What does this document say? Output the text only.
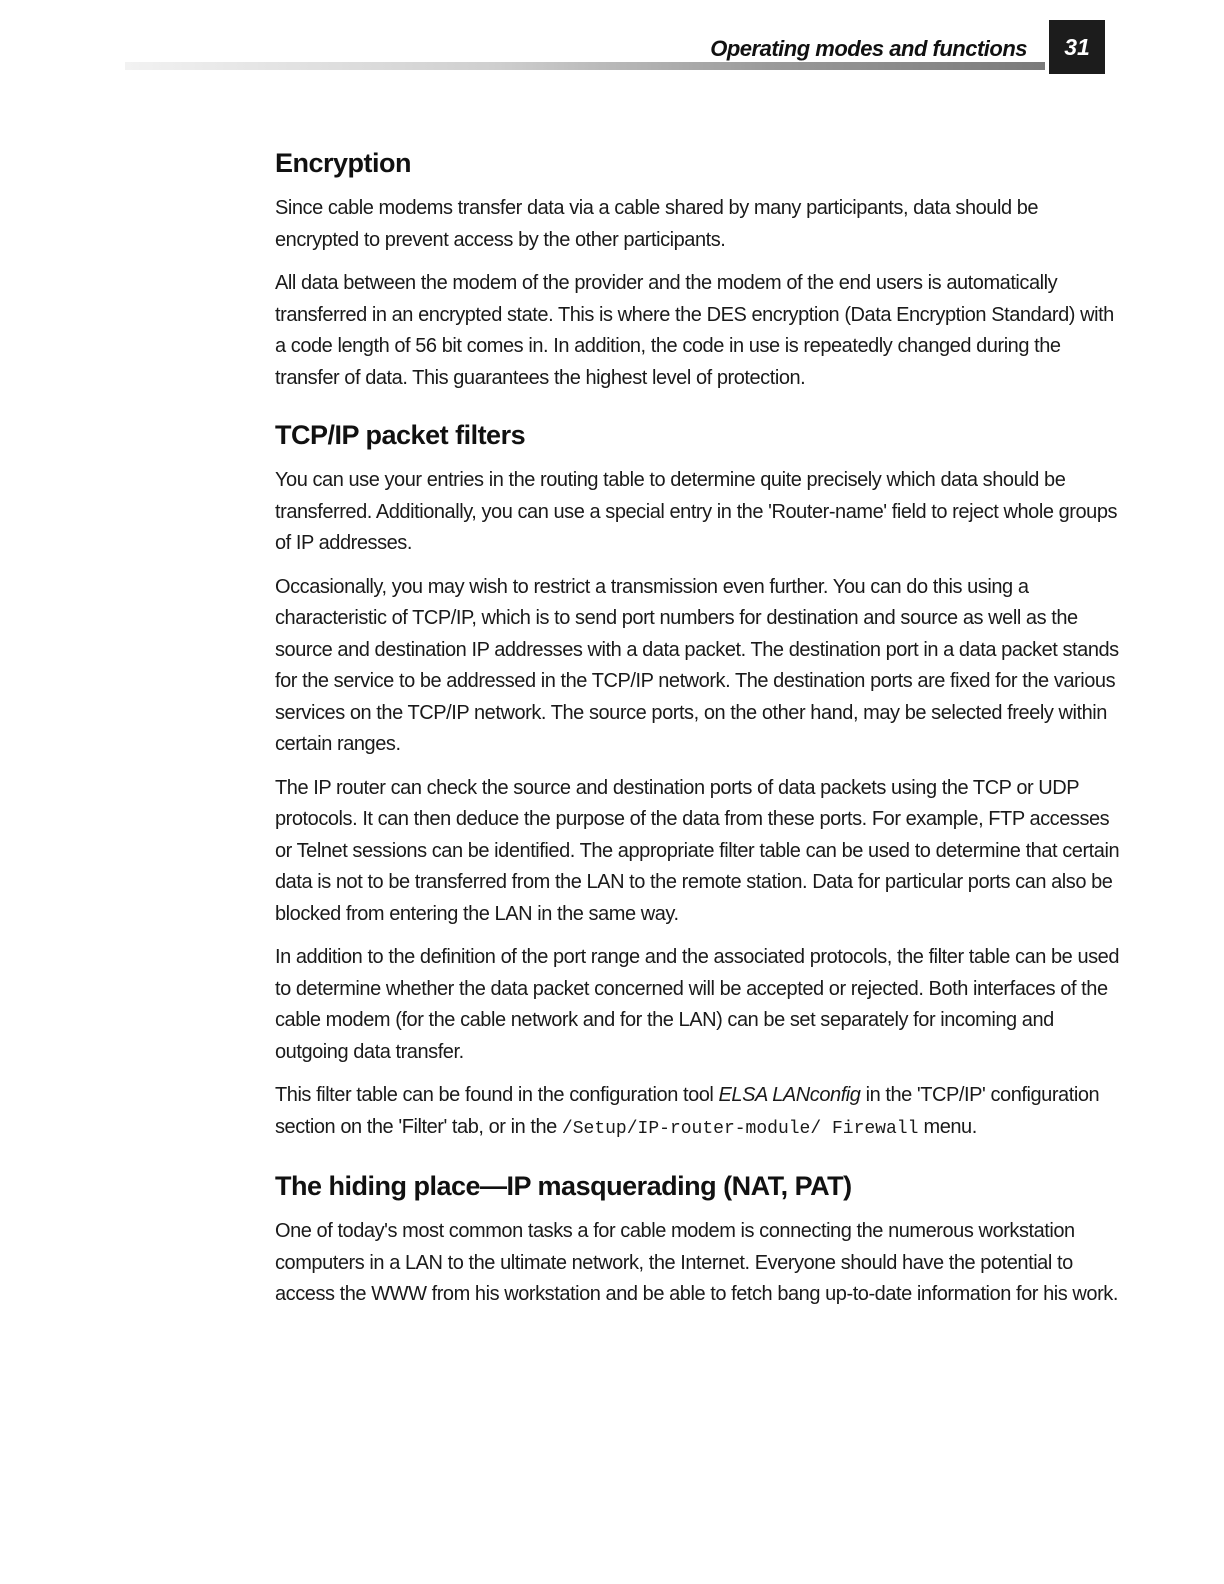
Operating modes and functions	31
Encryption

Since cable modems transfer data via a cable shared by many participants, data should be encrypted to prevent access by the other participants.

All data between the modem of the provider and the modem of the end users is automatically transferred in an encrypted state. This is where the DES encryption (Data Encryption Standard) with a code length of 56 bit comes in. In addition, the code in use is repeatedly changed during the transfer of data. This guarantees the highest level of protection.

TCP/IP packet filters

You can use your entries in the routing table to determine quite precisely which data should be transferred. Additionally, you can use a special entry in the 'Router-name' field to reject whole groups of IP addresses.

Occasionally, you may wish to restrict a transmission even further. You can do this using a characteristic of TCP/IP, which is to send port numbers for destination and source as well as the source and destination IP addresses with a data packet. The destination port in a data packet stands for the service to be addressed in the TCP/IP network. The destination ports are fixed for the various services on the TCP/IP network. The source ports, on the other hand, may be selected freely within certain ranges.

The IP router can check the source and destination ports of data packets using the TCP or UDP protocols. It can then deduce the purpose of the data from these ports. For example, FTP accesses or Telnet sessions can be identified. The appropriate filter table can be used to determine that certain data is not to be transferred from the LAN to the remote station. Data for particular ports can also be blocked from entering the LAN in the same way.

In addition to the definition of the port range and the associated protocols, the filter table can be used to determine whether the data packet concerned will be accepted or rejected. Both interfaces of the cable modem (for the cable network and for the LAN) can be set separately for incoming and outgoing data transfer.

This filter table can be found in the configuration tool ELSA LANconfig in the 'TCP/IP' configuration section on the 'Filter' tab, or in the /Setup/IP-router-module/ Firewall menu.

The hiding place—IP masquerading (NAT, PAT)

One of today's most common tasks a for cable modem is connecting the numerous workstation computers in a LAN to the ultimate network, the Internet. Everyone should have the potential to access the WWW from his workstation and be able to fetch bang up-to-date information for his work.
